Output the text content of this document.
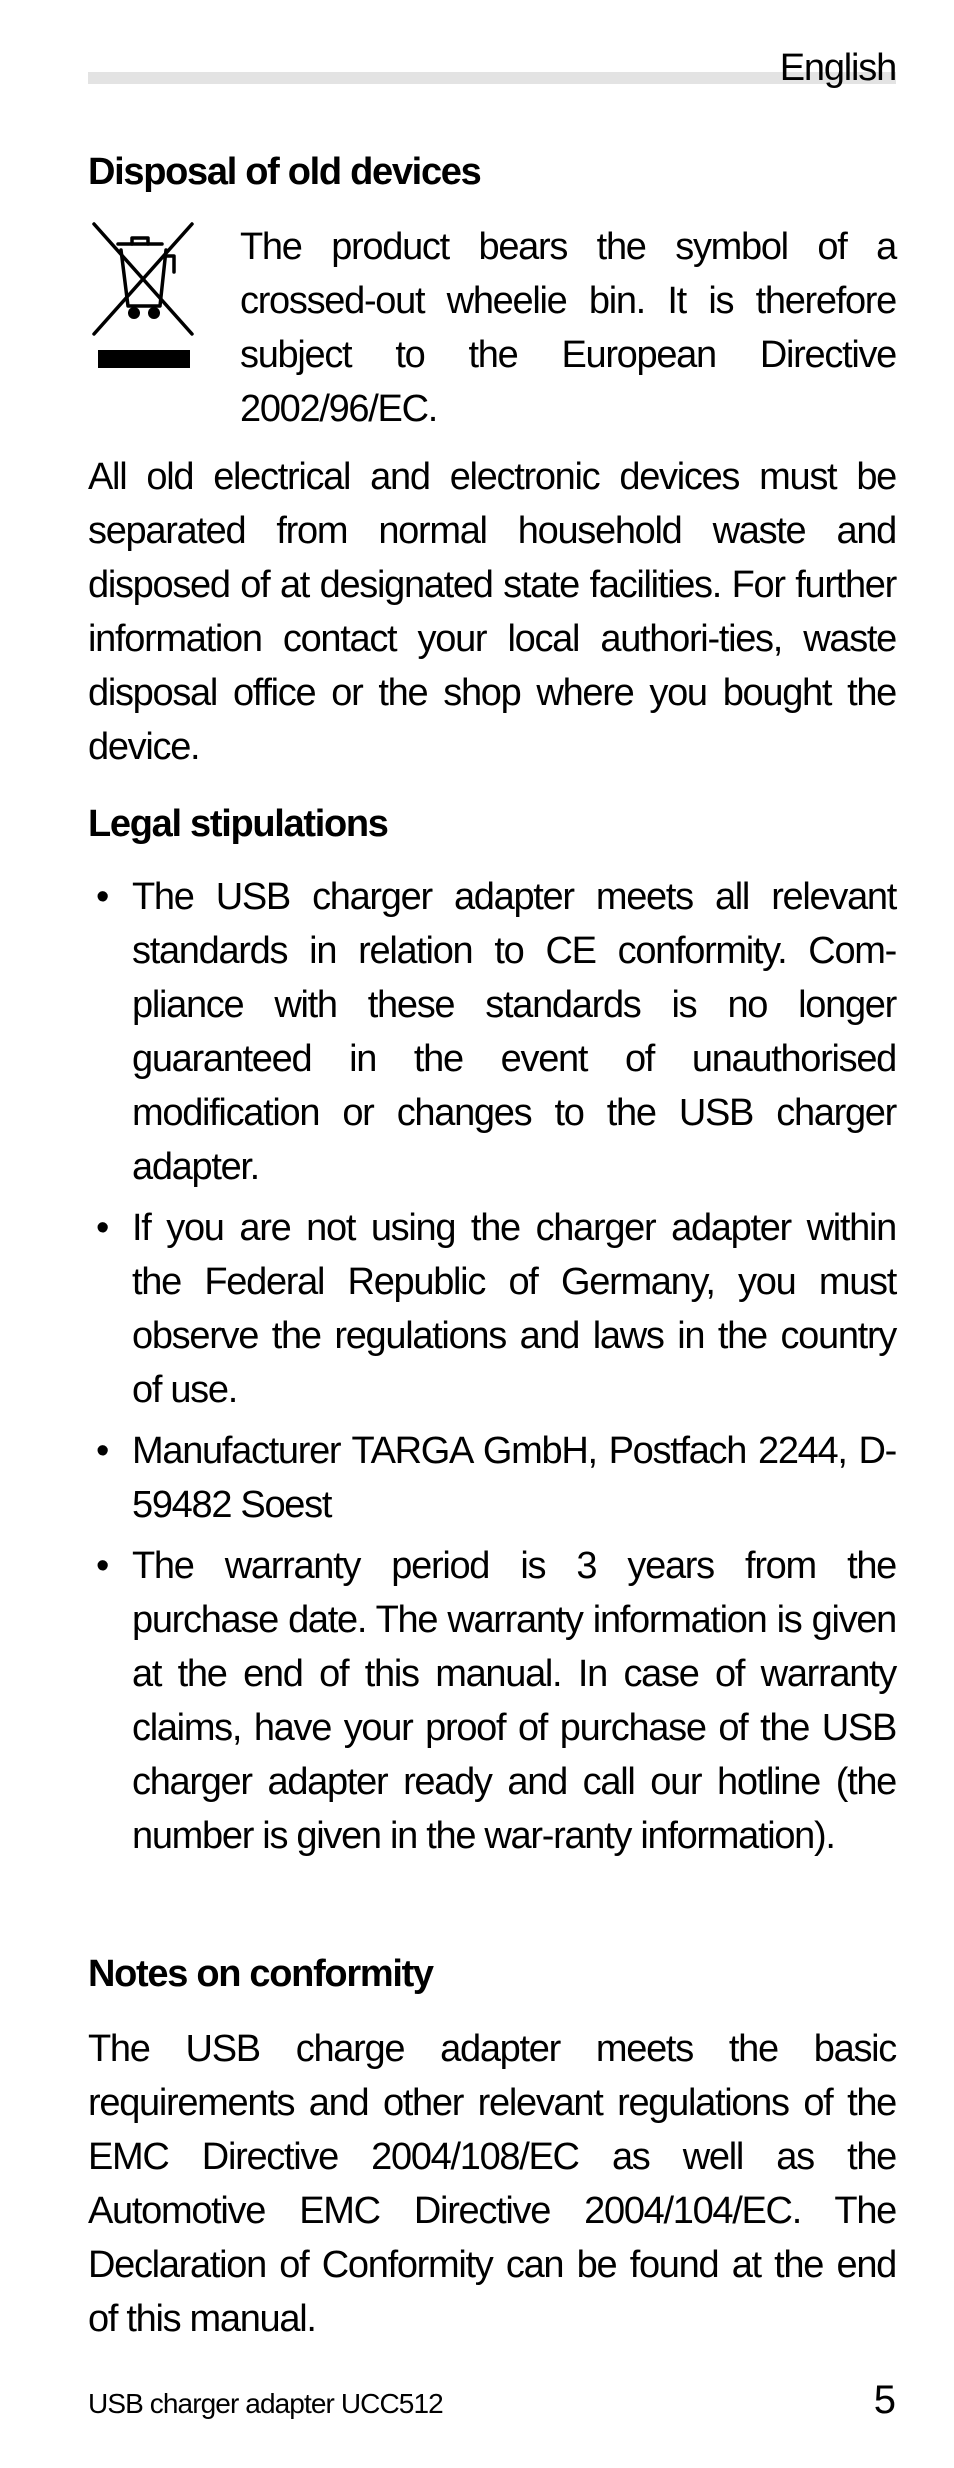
English
Disposal of old devices

The product bears the symbol of a crossed-out wheelie bin. It is therefore subject to the European Directive 2002/96/EC.

All old electrical and electronic devices must be separated from normal household waste and disposed of at designated state facilities. For further information contact your local authori-ties, waste disposal office or the shop where you bought the device.

Legal stipulations
• The USB charger adapter meets all relevant standards in relation to CE conformity. Com-pliance with these standards is no longer guaranteed in the event of unauthorised modification or changes to the USB charger adapter.
• If you are not using the charger adapter within the Federal Republic of Germany, you must observe the regulations and laws in the country of use.
• Manufacturer TARGA GmbH, Postfach 2244, D-59482 Soest
• The warranty period is 3 years from the purchase date. The warranty information is given at the end of this manual. In case of warranty claims, have your proof of purchase of the USB charger adapter ready and call our hotline (the number is given in the war-ranty information).
Notes on conformity

The USB charge adapter meets the basic requirements and other relevant regulations of the EMC Directive 2004/108/EC as well as the Automotive EMC Directive 2004/104/EC. The Declaration of Conformity can be found at the end of this manual.

USB charger adapter UCC512	5
